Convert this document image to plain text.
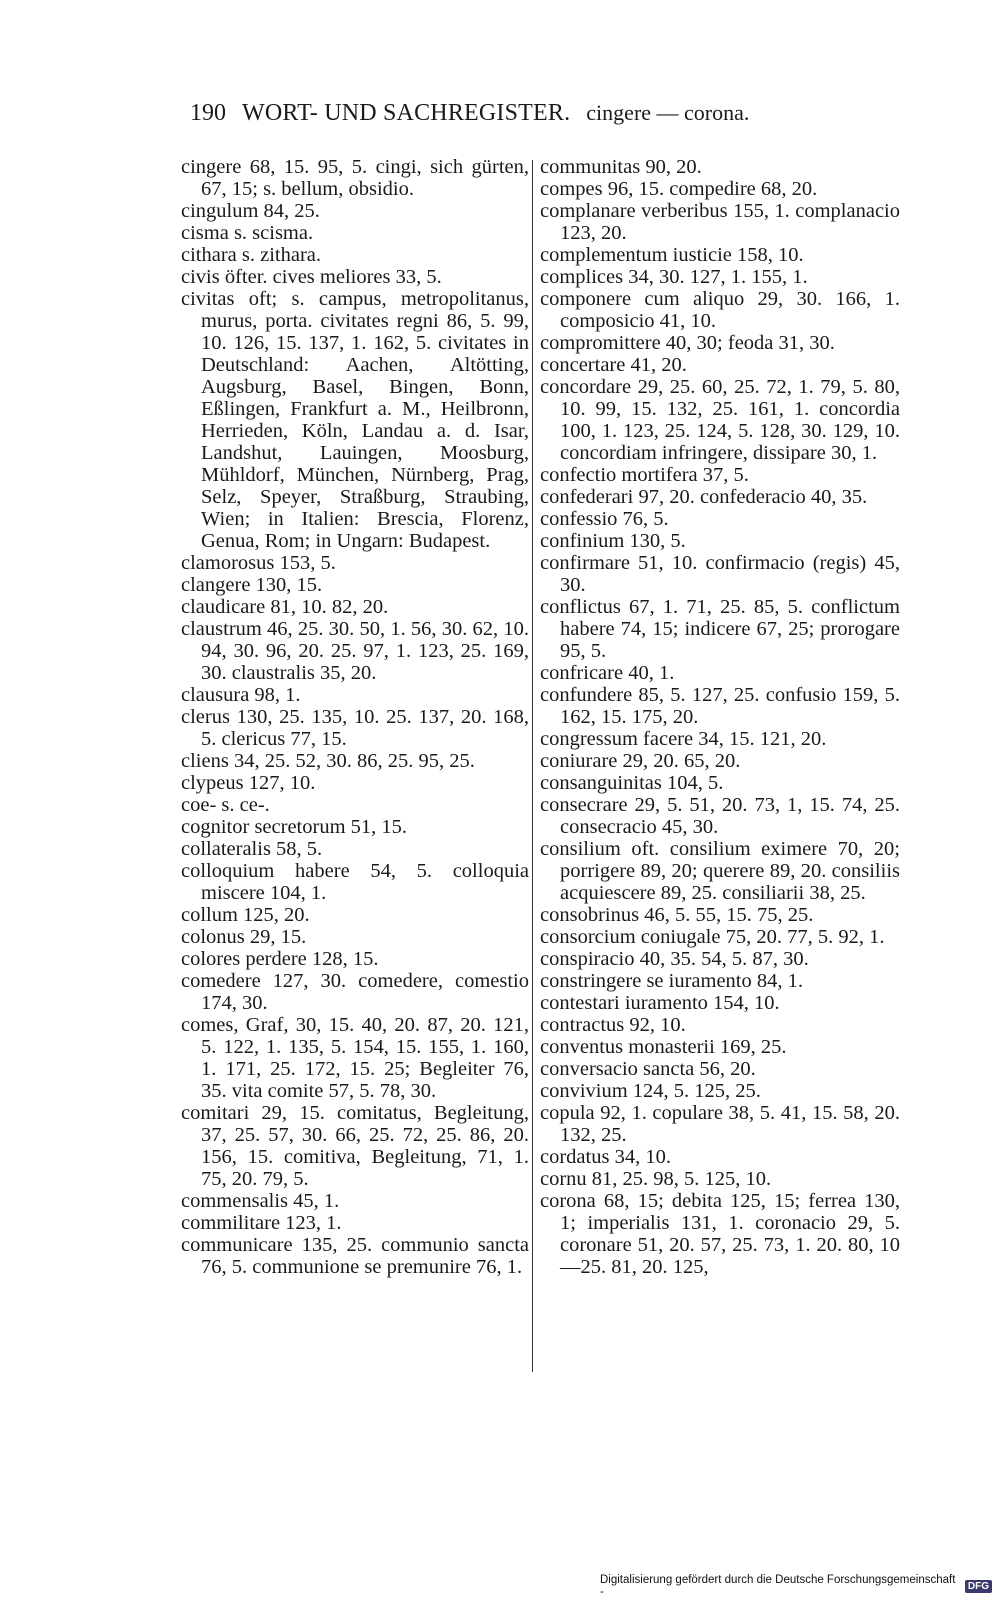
190 WORT- UND SACHREGISTER. cingere — corona.

cingere 68, 15. 95, 5. cingi, sich gürten, 67, 15; s. bellum, obsidio.

cingulum 84, 25.

cisma s. scisma.

cithara s. zithara.

civis öfter. cives meliores 33, 5.

civitas oft; s. campus, metropolitanus, murus, porta. civitates regni 86, 5. 99, 10. 126, 15. 137, 1. 162, 5. civitates in Deutschland: Aachen, Altötting, Augsburg, Basel, Bingen, Bonn, Eßlingen, Frankfurt a. M., Heilbronn, Herrieden, Köln, Landau a. d. Isar, Landshut, Lauingen, Moosburg, Mühldorf, München, Nürnberg, Prag, Selz, Speyer, Straßburg, Straubing, Wien; in Italien: Brescia, Florenz, Genua, Rom; in Ungarn: Budapest.

clamorosus 153, 5.

clangere 130, 15.

claudicare 81, 10. 82, 20.

claustrum 46, 25. 30. 50, 1. 56, 30. 62, 10. 94, 30. 96, 20. 25. 97, 1. 123, 25. 169, 30. claustralis 35, 20.

clausura 98, 1.

clerus 130, 25. 135, 10. 25. 137, 20. 168, 5. clericus 77, 15.

cliens 34, 25. 52, 30. 86, 25. 95, 25.

clypeus 127, 10.

coe- s. ce-.

cognitor secretorum 51, 15.

collateralis 58, 5.

colloquium habere 54, 5. colloquia miscere 104, 1.

collum 125, 20.

colonus 29, 15.

colores perdere 128, 15.

comedere 127, 30. comedere, comestio 174, 30.

comes, Graf, 30, 15. 40, 20. 87, 20. 121, 5. 122, 1. 135, 5. 154, 15. 155, 1. 160, 1. 171, 25. 172, 15. 25; Begleiter 76, 35. vita comite 57, 5. 78, 30.

comitari 29, 15. comitatus, Begleitung, 37, 25. 57, 30. 66, 25. 72, 25. 86, 20. 156, 15. comitiva, Begleitung, 71, 1. 75, 20. 79, 5.

commensalis 45, 1.

commilitare 123, 1.

communicare 135, 25. communio sancta 76, 5. communione se premunire 76, 1.

communitas 90, 20.

compes 96, 15. compedire 68, 20.

complanare verberibus 155, 1. complanacio 123, 20.

complementum iusticie 158, 10.

complices 34, 30. 127, 1. 155, 1.

componere cum aliquo 29, 30. 166, 1. composicio 41, 10.

compromittere 40, 30; feoda 31, 30.

concertare 41, 20.

concordare 29, 25. 60, 25. 72, 1. 79, 5. 80, 10. 99, 15. 132, 25. 161, 1. concordia 100, 1. 123, 25. 124, 5. 128, 30. 129, 10. concordiam infringere, dissipare 30, 1.

confectio mortifera 37, 5.

confederari 97, 20. confederacio 40, 35.

confessio 76, 5.

confinium 130, 5.

confirmare 51, 10. confirmacio (regis) 45, 30.

conflictus 67, 1. 71, 25. 85, 5. conflictum habere 74, 15; indicere 67, 25; prorogare 95, 5.

confricare 40, 1.

confundere 85, 5. 127, 25. confusio 159, 5. 162, 15. 175, 20.

congressum facere 34, 15. 121, 20.

coniurare 29, 20. 65, 20.

consanguinitas 104, 5.

consecrare 29, 5. 51, 20. 73, 1, 15. 74, 25. consecracio 45, 30.

consilium oft. consilium eximere 70, 20; porrigere 89, 20; querere 89, 20. consiliis acquiescere 89, 25. consiliarii 38, 25.

consobrinus 46, 5. 55, 15. 75, 25.

consorcium coniugale 75, 20. 77, 5. 92, 1.

conspiracio 40, 35. 54, 5. 87, 30.

constringere se iuramento 84, 1.

contestari iuramento 154, 10.

contractus 92, 10.

conventus monasterii 169, 25.

conversacio sancta 56, 20.

convivium 124, 5. 125, 25.

copula 92, 1. copulare 38, 5. 41, 15. 58, 20. 132, 25.

cordatus 34, 10.

cornu 81, 25. 98, 5. 125, 10.

corona 68, 15; debita 125, 15; ferrea 130, 1; imperialis 131, 1. coronacio 29, 5. coronare 51, 20. 57, 25. 73, 1. 20. 80, 10—25. 81, 20. 125,

Digitalisierung gefördert durch die Deutsche Forschungsgemeinschaft -	DFG
